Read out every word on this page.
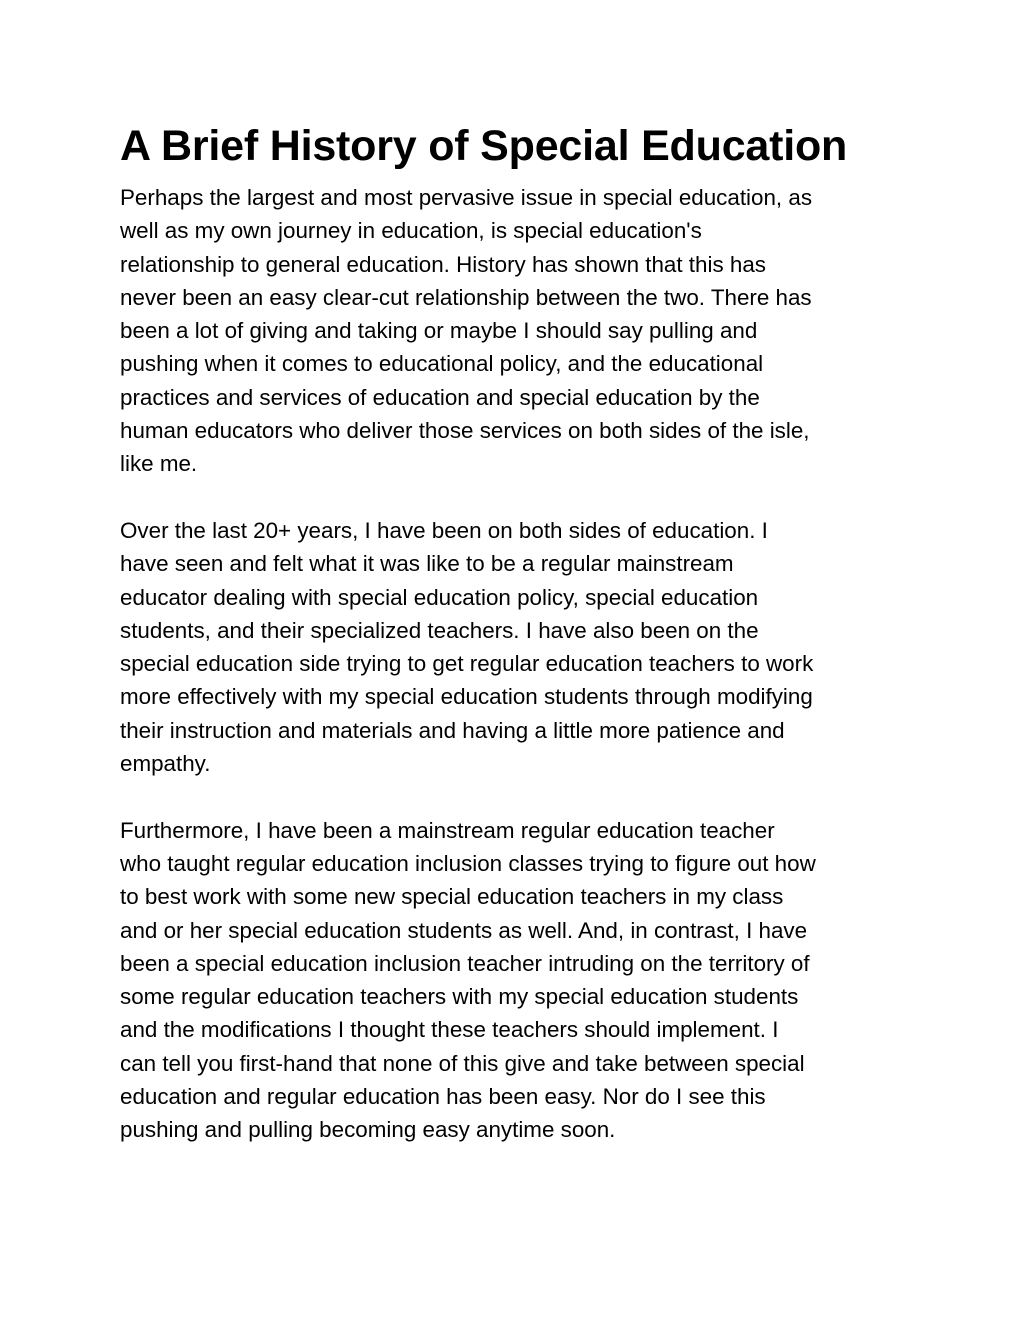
A Brief History of Special Education

Perhaps the largest and most pervasive issue in special education, as
well as my own journey in education, is special education's
relationship to general education. History has shown that this has
never been an easy clear-cut relationship between the two. There has
been a lot of giving and taking or maybe I should say pulling and
pushing when it comes to educational policy, and the educational
practices and services of education and special education by the
human educators who deliver those services on both sides of the isle,
like me.

Over the last 20+ years, I have been on both sides of education. I
have seen and felt what it was like to be a regular mainstream
educator dealing with special education policy, special education
students, and their specialized teachers. I have also been on the
special education side trying to get regular education teachers to work
more effectively with my special education students through modifying
their instruction and materials and having a little more patience and
empathy.

Furthermore, I have been a mainstream regular education teacher
who taught regular education inclusion classes trying to figure out how
to best work with some new special education teachers in my class
and or her special education students as well. And, in contrast, I have
been a special education inclusion teacher intruding on the territory of
some regular education teachers with my special education students
and the modifications I thought these teachers should implement. I
can tell you first-hand that none of this give and take between special
education and regular education has been easy. Nor do I see this
pushing and pulling becoming easy anytime soon.
